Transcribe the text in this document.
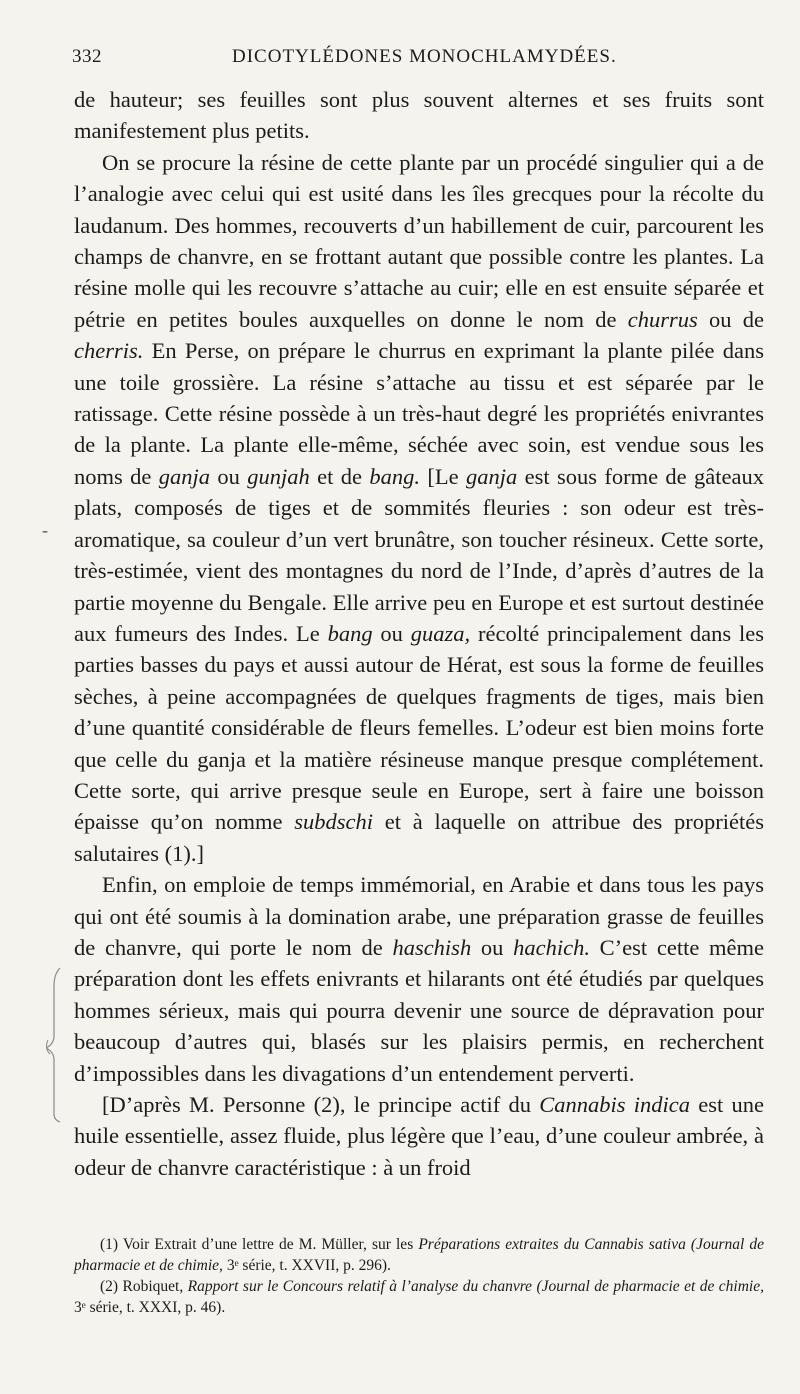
332	DICOTYLÉDONES MONOCHLAMYDÉES.
-

de hauteur; ses feuilles sont plus souvent alternes et ses fruits sont manifestement plus petits.

On se procure la résine de cette plante par un procédé singulier qui a de l’analogie avec celui qui est usité dans les îles grecques pour la récolte du laudanum. Des hommes, recouverts d’un habillement de cuir, parcourent les champs de chanvre, en se frottant autant que possible contre les plantes. La résine molle qui les recouvre s’attache au cuir; elle en est ensuite séparée et pétrie en petites boules auxquelles on donne le nom de churrus ou de cherris. En Perse, on prépare le churrus en exprimant la plante pilée dans une toile grossière. La résine s’attache au tissu et est séparée par le ratissage. Cette résine possède à un très-haut degré les propriétés enivrantes de la plante. La plante elle-même, séchée avec soin, est vendue sous les noms de ganja ou gunjah et de bang. [Le ganja est sous forme de gâteaux plats, composés de tiges et de sommités fleuries : son odeur est très-aromatique, sa couleur d’un vert brunâtre, son toucher résineux. Cette sorte, très-estimée, vient des montagnes du nord de l’Inde, d’après d’autres de la partie moyenne du Bengale. Elle arrive peu en Europe et est surtout destinée aux fumeurs des Indes. Le bang ou guaza, récolté principalement dans les parties basses du pays et aussi autour de Hérat, est sous la forme de feuilles sèches, à peine accompagnées de quelques fragments de tiges, mais bien d’une quantité considérable de fleurs femelles. L’odeur est bien moins forte que celle du ganja et la matière résineuse manque presque complétement. Cette sorte, qui arrive presque seule en Europe, sert à faire une boisson épaisse qu’on nomme subdschi et à laquelle on attribue des propriétés salutaires (1).]

Enfin, on emploie de temps immémorial, en Arabie et dans tous les pays qui ont été soumis à la domination arabe, une préparation grasse de feuilles de chanvre, qui porte le nom de haschish ou hachich. C’est cette même préparation dont les effets enivrants et hilarants ont été étudiés par quelques hommes sérieux, mais qui pourra devenir une source de dépravation pour beaucoup d’autres qui, blasés sur les plaisirs permis, en recherchent d’impossibles dans les divagations d’un entendement perverti.

[D’après M. Personne (2), le principe actif du Cannabis indica est une huile essentielle, assez fluide, plus légère que l’eau, d’une couleur ambrée, à odeur de chanvre caractéristique : à un froid

(1) Voir Extrait d’une lettre de M. Müller, sur les Préparations extraites du Cannabis sativa (Journal de pharmacie et de chimie, 3ᵉ série, t. XXVII, p. 296).

(2) Robiquet, Rapport sur le Concours relatif à l’analyse du chanvre (Journal de pharmacie et de chimie, 3ᵉ série, t. XXXI, p. 46).
